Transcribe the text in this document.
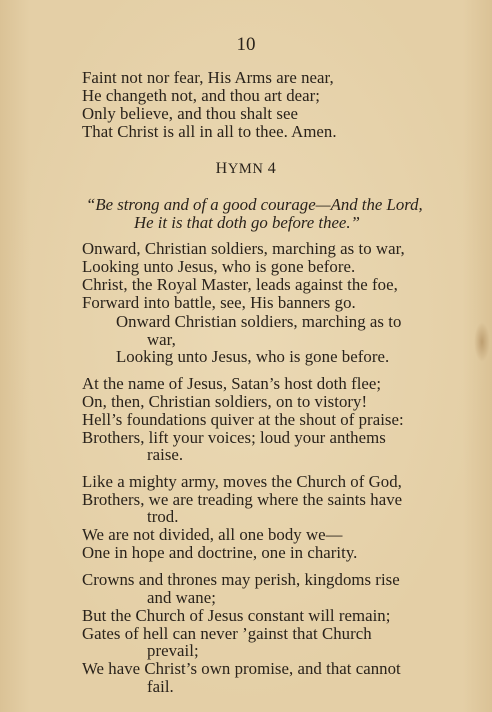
10
Faint not nor fear, His Arms are near,
He changeth not, and thou art dear;
Only believe, and thou shalt see
That Christ is all in all to thee. Amen.
HYMN 4
“Be strong and of a good courage—And the Lord,
He it is that doth go before thee.”
Onward, Christian soldiers, marching as to war,
Looking unto Jesus, who is gone before.
Christ, the Royal Master, leads against the foe,
Forward into battle, see, His banners go.
Onward Christian soldiers, marching as to
war,
Looking unto Jesus, who is gone before.
At the name of Jesus, Satan’s host doth flee;
On, then, Christian soldiers, on to vistory!
Hell’s foundations quiver at the shout of praise:
Brothers, lift your voices; loud your anthems
raise.
Like a mighty army, moves the Church of God,
Brothers, we are treading where the saints have
trod.
We are not divided, all one body we—
One in hope and doctrine, one in charity.
Crowns and thrones may perish, kingdoms rise
and wane;
But the Church of Jesus constant will remain;
Gates of hell can never ’gainst that Church
prevail;
We have Christ’s own promise, and that cannot
fail.
